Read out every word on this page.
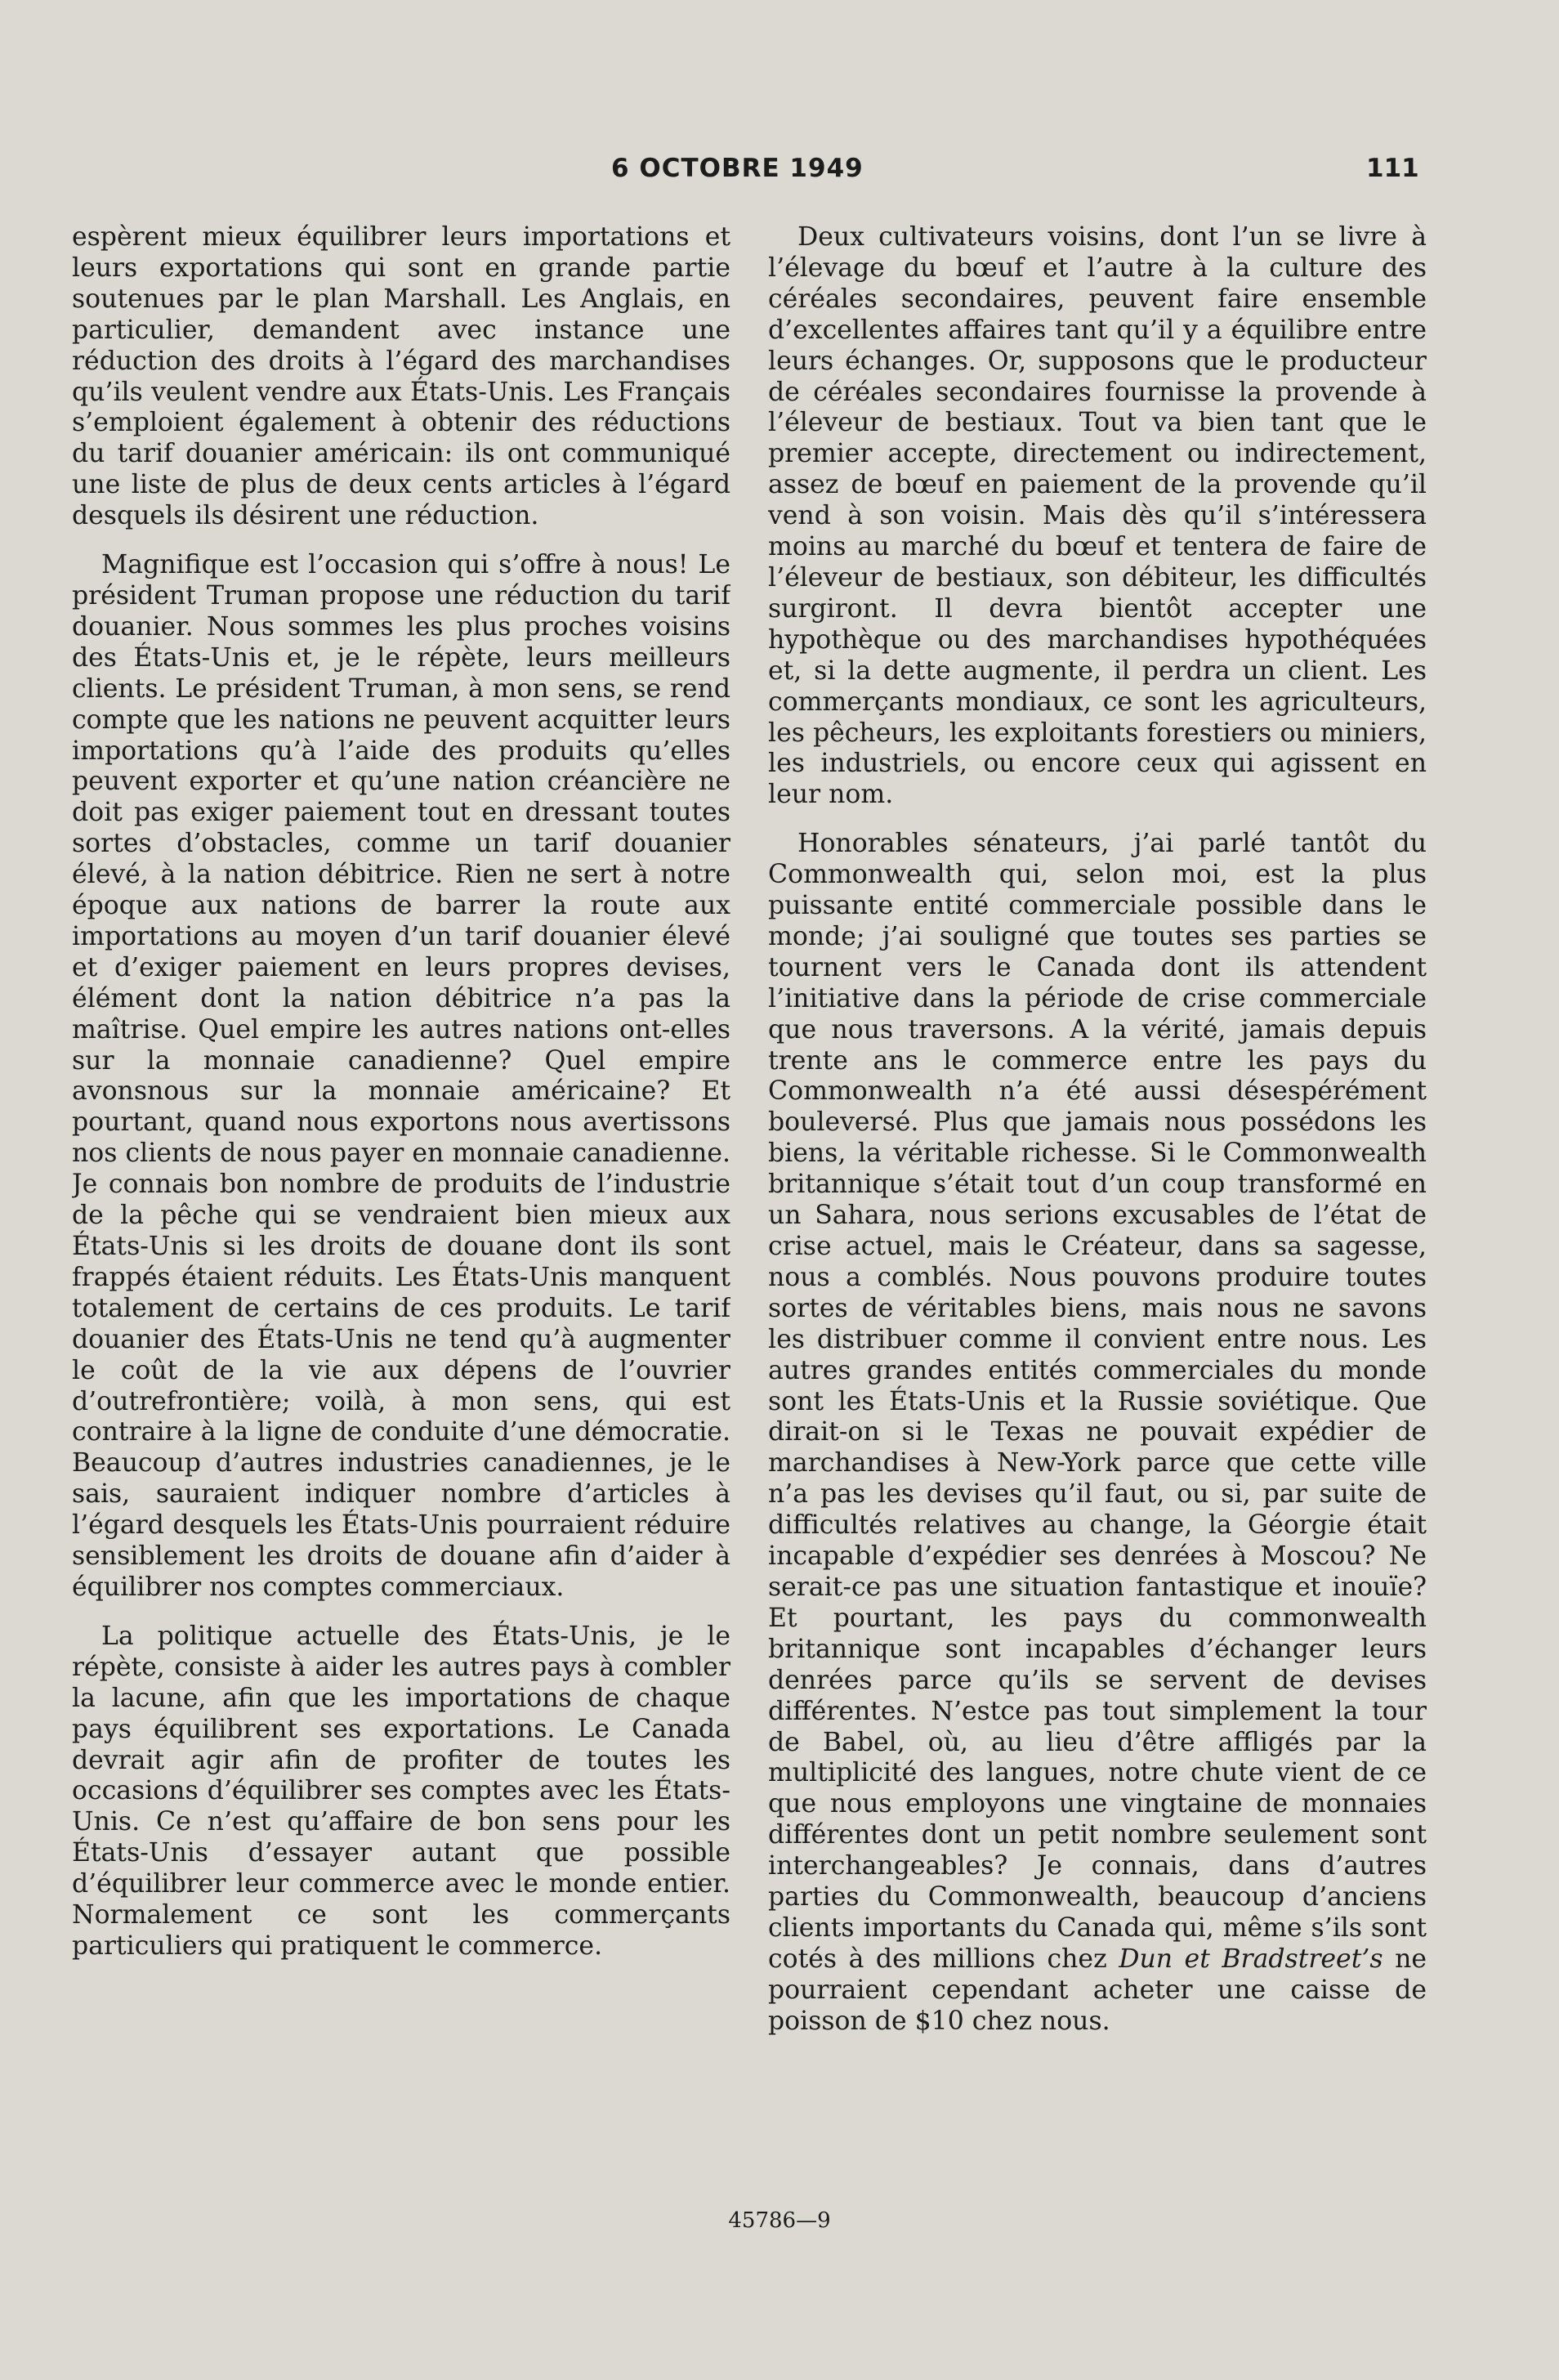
6 OCTOBRE 1949	111

espèrent mieux équilibrer leurs importations et leurs exportations qui sont en grande partie soutenues par le plan Marshall. Les Anglais, en particulier, demandent avec instance une réduction des droits à l’égard des marchandises qu’ils veulent vendre aux États-Unis. Les Français s’emploient également à obtenir des réductions du tarif douanier américain: ils ont communiqué une liste de plus de deux cents articles à l’égard desquels ils désirent une réduction.

Magnifique est l’occasion qui s’offre à nous! Le président Truman propose une réduction du tarif douanier. Nous sommes les plus proches voisins des États-Unis et, je le répète, leurs meilleurs clients. Le président Truman, à mon sens, se rend compte que les nations ne peuvent acquitter leurs importations qu’à l’aide des produits qu’elles peuvent exporter et qu’une nation créancière ne doit pas exiger paiement tout en dressant toutes sortes d’obstacles, comme un tarif douanier élevé, à la nation débitrice. Rien ne sert à notre époque aux nations de barrer la route aux importations au moyen d’un tarif douanier élevé et d’exiger paiement en leurs propres devises, élément dont la nation débitrice n’a pas la maîtrise. Quel empire les autres nations ont-elles sur la monnaie canadienne? Quel empire avonsnous sur la monnaie américaine? Et pourtant, quand nous exportons nous avertissons nos clients de nous payer en monnaie canadienne. Je connais bon nombre de produits de l’industrie de la pêche qui se vendraient bien mieux aux États-Unis si les droits de douane dont ils sont frappés étaient réduits. Les États-Unis manquent totalement de certains de ces produits. Le tarif douanier des États-Unis ne tend qu’à augmenter le coût de la vie aux dépens de l’ouvrier d’outrefrontière; voilà, à mon sens, qui est contraire à la ligne de conduite d’une démocratie. Beaucoup d’autres industries canadiennes, je le sais, sauraient indiquer nombre d’articles à l’égard desquels les États-Unis pourraient réduire sensiblement les droits de douane afin d’aider à équilibrer nos comptes commerciaux.

La politique actuelle des États-Unis, je le répète, consiste à aider les autres pays à combler la lacune, afin que les importations de chaque pays équilibrent ses exportations. Le Canada devrait agir afin de profiter de toutes les occasions d’équilibrer ses comptes avec les États-Unis. Ce n’est qu’affaire de bon sens pour les États-Unis d’essayer autant que possible d’équilibrer leur commerce avec le monde entier. Normalement ce sont les commerçants particuliers qui pratiquent le commerce.

Deux cultivateurs voisins, dont l’un se livre à l’élevage du bœuf et l’autre à la culture des céréales secondaires, peuvent faire ensemble d’excellentes affaires tant qu’il y a équilibre entre leurs échanges. Or, supposons que le producteur de céréales secondaires fournisse la provende à l’éleveur de bestiaux. Tout va bien tant que le premier accepte, directement ou indirectement, assez de bœuf en paiement de la provende qu’il vend à son voisin. Mais dès qu’il s’intéressera moins au marché du bœuf et tentera de faire de l’éleveur de bestiaux, son débiteur, les difficultés surgiront. Il devra bientôt accepter une hypothèque ou des marchandises hypothéquées et, si la dette augmente, il perdra un client. Les commerçants mondiaux, ce sont les agriculteurs, les pêcheurs, les exploitants forestiers ou miniers, les industriels, ou encore ceux qui agissent en leur nom.

Honorables sénateurs, j’ai parlé tantôt du Commonwealth qui, selon moi, est la plus puissante entité commerciale possible dans le monde; j’ai souligné que toutes ses parties se tournent vers le Canada dont ils attendent l’initiative dans la période de crise commerciale que nous traversons. A la vérité, jamais depuis trente ans le commerce entre les pays du Commonwealth n’a été aussi désespérément bouleversé. Plus que jamais nous possédons les biens, la véritable richesse. Si le Commonwealth britannique s’était tout d’un coup transformé en un Sahara, nous serions excusables de l’état de crise actuel, mais le Créateur, dans sa sagesse, nous a comblés. Nous pouvons produire toutes sortes de véritables biens, mais nous ne savons les distribuer comme il convient entre nous. Les autres grandes entités commerciales du monde sont les États-Unis et la Russie soviétique. Que dirait-on si le Texas ne pouvait expédier de marchandises à New-York parce que cette ville n’a pas les devises qu’il faut, ou si, par suite de difficultés relatives au change, la Géorgie était incapable d’expédier ses denrées à Moscou? Ne serait-ce pas une situation fantastique et inouïe? Et pourtant, les pays du commonwealth britannique sont incapables d’échanger leurs denrées parce qu’ils se servent de devises différentes. N’estce pas tout simplement la tour de Babel, où, au lieu d’être affligés par la multiplicité des langues, notre chute vient de ce que nous employons une vingtaine de monnaies différentes dont un petit nombre seulement sont interchangeables? Je connais, dans d’autres parties du Commonwealth, beaucoup d’anciens clients importants du Canada qui, même s’ils sont cotés à des millions chez Dun et Bradstreet’s ne pourraient cependant acheter une caisse de poisson de $10 chez nous.

45786—9
